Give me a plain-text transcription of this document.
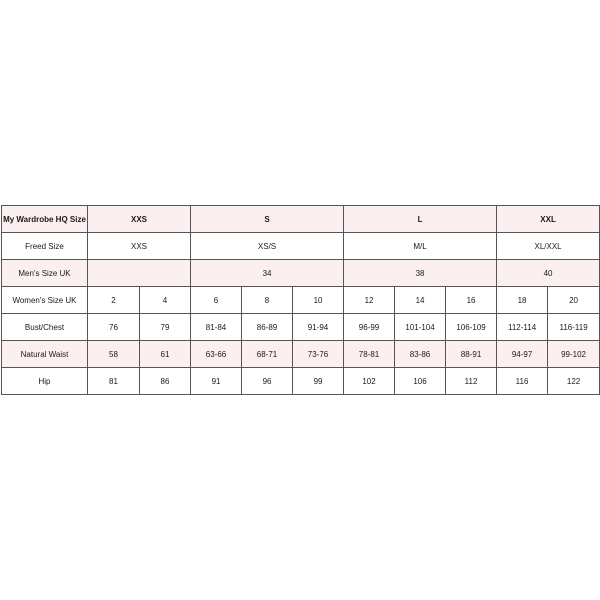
My Wardrobe HQ Size	XXS		S			L			XXL	
Freed Size	XXS		XS/S			M/L			XL/XXL	
Men's Size UK			34			38			40	
Women's Size UK	2	4	6	8	10	12	14	16	18	20
Bust/Chest	76	79	81-84	86-89	91-94	96-99	101-104	106-109	112-114	116-119
Natural Waist	58	61	63-66	68-71	73-76	78-81	83-86	88-91	94-97	99-102
Hip	81	86	91	96	99	102	106	112	116	122
